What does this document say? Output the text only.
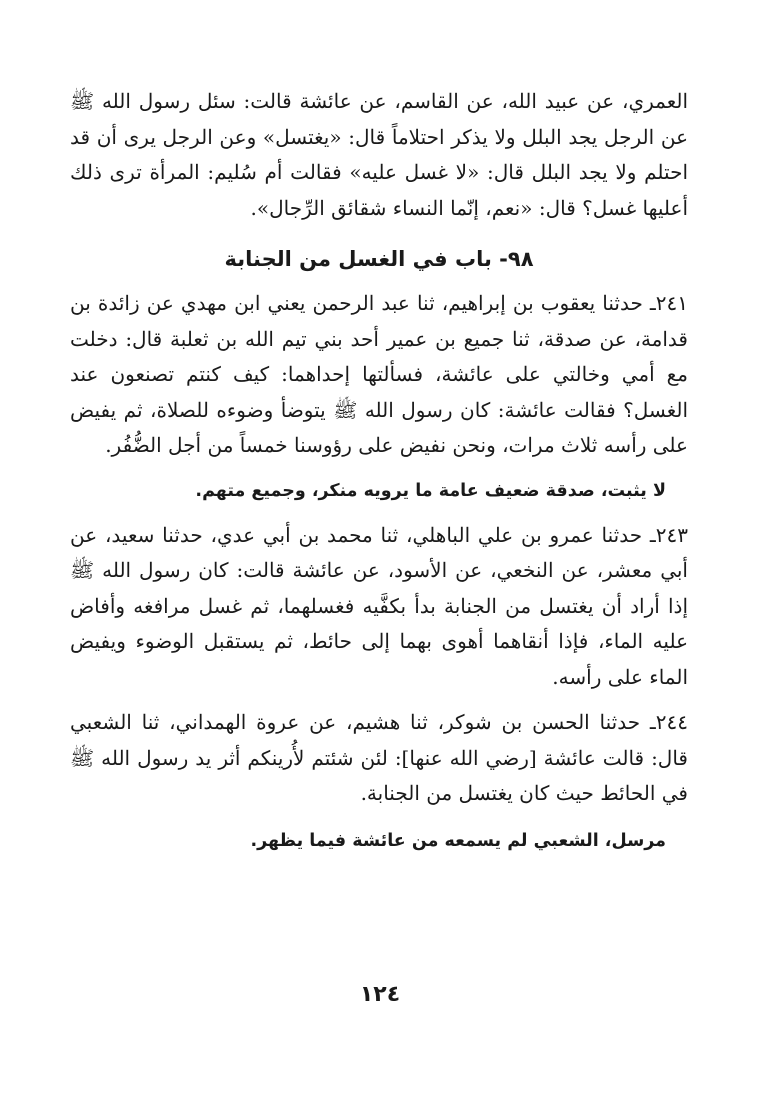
العمري، عن عبيد الله، عن القاسم، عن عائشة قالت: سئل رسول الله ﷺ عن الرجل يجد البلل ولا يذكر احتلاماً قال: «يغتسل» وعن الرجل يرى أن قد احتلم ولا يجد البلل قال: «لا غسل عليه» فقالت أم سُليم: المرأة ترى ذلك أعليها غسل؟ قال: «نعم، إنّما النساء شقائق الرِّجال».

٩٨- باب في الغسل من الجنابة

٢٤١ـ حدثنا يعقوب بن إبراهيم، ثنا عبد الرحمن يعني ابن مهدي عن زائدة بن قدامة، عن صدقة، ثنا جميع بن عمير أحد بني تيم الله بن ثعلبة قال: دخلت مع أمي وخالتي على عائشة، فسألتها إحداهما: كيف كنتم تصنعون عند الغسل؟ فقالت عائشة: كان رسول الله ﷺ يتوضأ وضوءه للصلاة، ثم يفيض على رأسه ثلاث مرات، ونحن نفيض على رؤوسنا خمساً من أجل الضُّفُر.

لا يثبت، صدقة ضعيف عامة ما يرويه منكر، وجميع متهم.

٢٤٣ـ حدثنا عمرو بن علي الباهلي، ثنا محمد بن أبي عدي، حدثنا سعيد، عن أبي معشر، عن النخعي، عن الأسود، عن عائشة قالت: كان رسول الله ﷺ إذا أراد أن يغتسل من الجنابة بدأ بكفَّيه فغسلهما، ثم غسل مرافغه وأفاض عليه الماء، فإذا أنقاهما أهوى بهما إلى حائط، ثم يستقبل الوضوء ويفيض الماء على رأسه.

٢٤٤ـ حدثنا الحسن بن شوكر، ثنا هشيم، عن عروة الهمداني، ثنا الشعبي قال: قالت عائشة [رضي الله عنها]: لئن شئتم لأُرينكم أثر يد رسول الله ﷺ في الحائط حيث كان يغتسل من الجنابة.

مرسل، الشعبي لم يسمعه من عائشة فيما يظهر.
١٢٤
